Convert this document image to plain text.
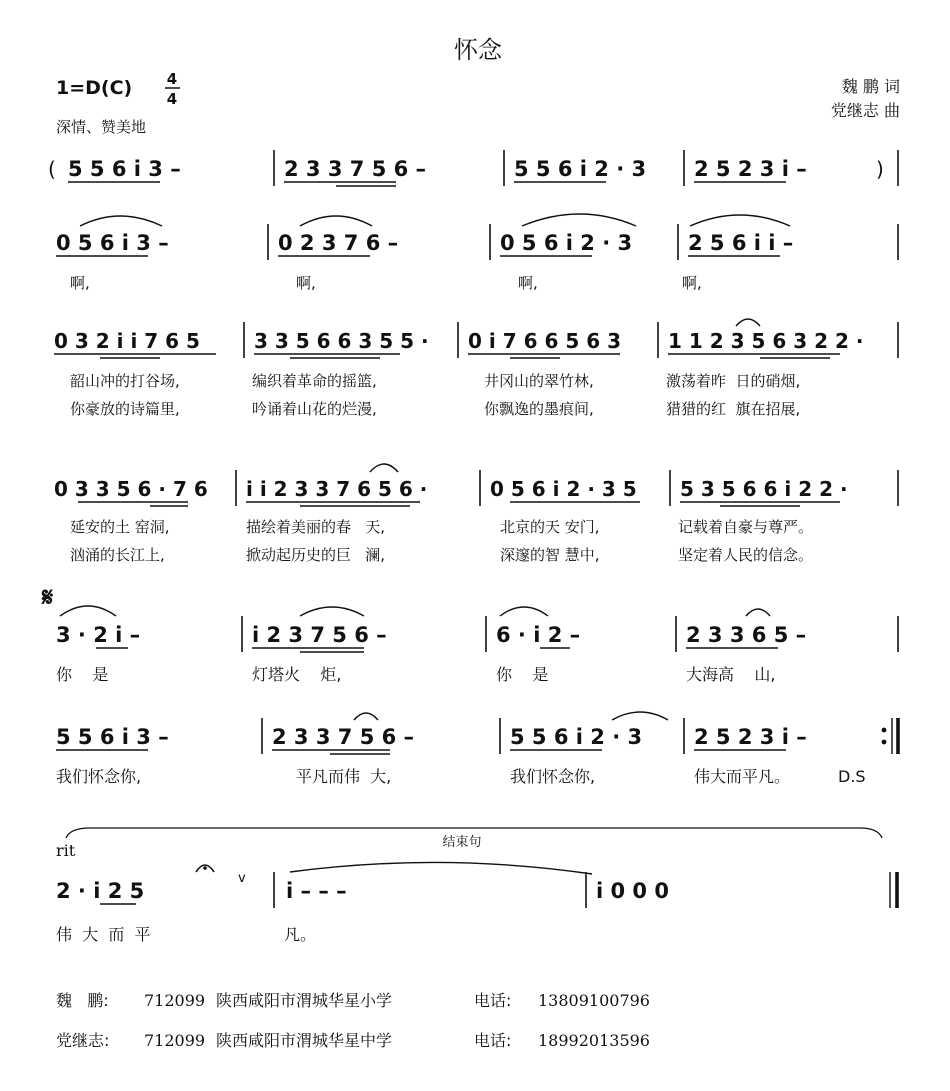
怀念
1=D(C) 4
4
深情、赞美地
魏 鹏 词
党继志 曲
( 5 5 6 i 3 –	2 3 3 7 5 6 –	5 5 6 i 2 · 3 2 5 2 3 i –	)
0 5 6 i 3 –	0 2 3 7 6 –	0 5 6 i 2 · 3	2 5 6 i i –
啊,	啊,	啊,	啊,
0 3 2 i i 7 6 5	3 3 5 6 6 3 5 5 · 0 i 7 6 6 5 6 3 1 1 2 3 5 6 3 2 2 ·
韶山冲的打谷场,	编织着革命的摇篮,	井冈山的翠竹林,	激荡着昨  日的硝烟,
你豪放的诗篇里,	吟诵着山花的烂漫,	你飘逸的墨痕间,	猎猎的红  旗在招展,
0 3 3 5 6 · 7 6 i i 2 3 3 7 6 5 6 ·	0 5 6 i 2 · 3 5 5 3 5 6 6 i 2 2 ·
延安的土 窑洞,	描绘着美丽的春   天,	北京的天 安门,	记载着自豪与尊严。
汹涌的长江上,	掀动起历史的巨   澜,	深邃的智 慧中,	坚定着人民的信念。
𝄋
3 · 2 i –	i 2 3 7 5 6 –	6 · i 2 –	2 3 3 6 5 –
你    是	灯塔火    炬,	你    是	大海高    山,
5 5 6 i 3 –	2 3 3 7 5 6 –	5 5 6 i 2 · 3 2 5 2 3 i –
我们怀念你,	平凡而伟  大,	我们怀念你,	伟大而平凡。	D.S
rit	结束句
2 · i 2 5
v
i – – –	i 0 0 0
伟  大  而  平	凡。
魏   鹏: 712099 陕西咸阳市渭城华星小学	电话: 13809100796
党继志: 712099 陕西咸阳市渭城华星中学	电话: 18992013596
